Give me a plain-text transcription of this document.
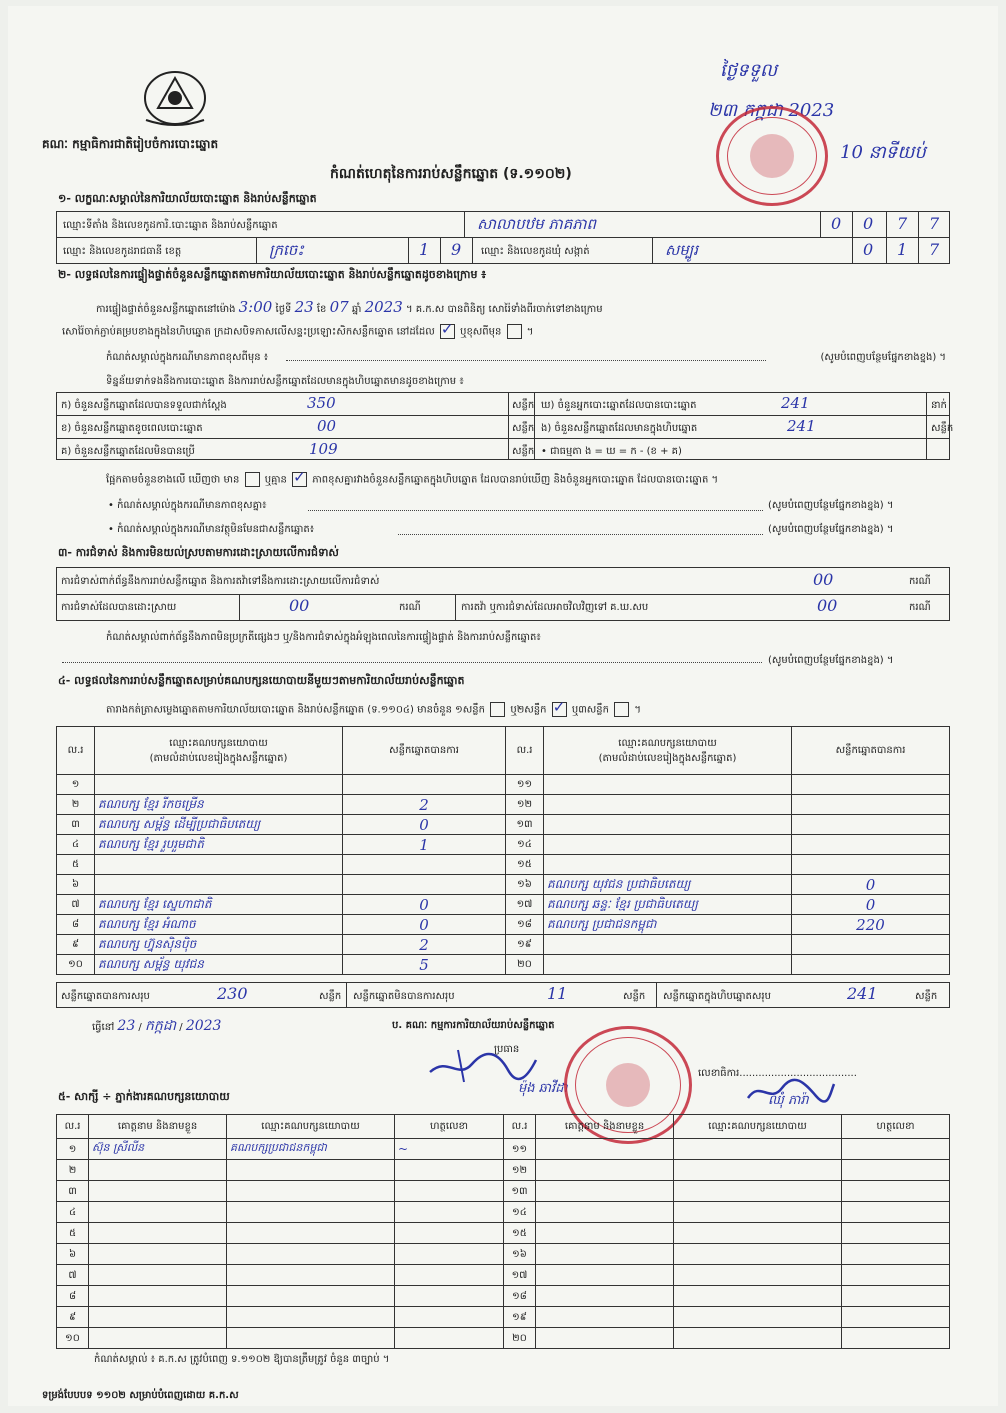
គណៈ កម្មាធិការជាតិរៀបចំការបោះឆ្នោត
កំណត់ហេតុនៃការរាប់សន្លឹកឆ្នោត (ទ.១១០២)
ថ្ងៃទទួល
២៣ កក្កដា 2023
10 នាទីយប់
១- លក្ខណៈសម្គាល់នៃការិយាល័យបោះឆ្នោត និងរាប់សន្លឹកឆ្នោត
ឈ្មោះទីតាំង និងលេខកូដការិ.បោះឆ្នោត និងរាប់សន្លឹកឆ្នោត	សាលាបឋម ភាគភាព	0 0 7 7
ឈ្មោះ និងលេខកូដរាជធានី ខេត្ត	ក្រចេះ	1 9 ឈ្មោះ និងលេខកូដឃុំ សង្កាត់	សម្បូរ	0 1 7
២- លទ្ធផលនៃការផ្ទៀងផ្ទាត់ចំនួនសន្លឹកឆ្នោតតាមការិយាល័យបោះឆ្នោត និងរាប់សន្លឹកឆ្នោតដូចខាងក្រោម ៖
ការផ្ទៀងផ្ទាត់ចំនួនសន្លឹកឆ្នោតនៅម៉ោង 3:00 ថ្ងៃទី 23 ខែ 07 ឆ្នាំ 2023 ។ គ.ក.ស បានពិនិត្យ សោរ៉ៃទាំងពីរចាក់ទៅខាងក្រោម
សោរ៉ៃចាក់ភ្ជាប់គម្របខាងក្នុងនៃហិបឆ្នោត ក្រដាសបិទភាសលើសន្ទះប្រឡោះសិកសន្លឹកឆ្នោត នៅដដែល ✓	ឬខុសពីមុន  ។
កំណត់សម្គាល់ក្នុងករណីមានភាពខុសពីមុន ៖	(សូមបំពេញបន្ថែមផ្នែកខាងខ្នង) ។
ទិន្នន័យទាក់ទងនឹងការបោះឆ្នោត និងការរាប់សន្លឹកឆ្នោតដែលមានក្នុងហិបឆ្នោតមានដូចខាងក្រោម ៖
ក) ចំនួនសន្លឹកឆ្នោតដែលបានទទួលជាក់ស្ដែង	350	សន្លឹក
ខ) ចំនួនសន្លឹកឆ្នោតខូចពេលបោះឆ្នោត	00	សន្លឹក
គ) ចំនួនសន្លឹកឆ្នោតដែលមិនបានប្រើ	109	សន្លឹក
ឃ) ចំនួនអ្នកបោះឆ្នោតដែលបានបោះឆ្នោត	241	នាក់
ង) ចំនួនសន្លឹកឆ្នោតដែលមានក្នុងហិបឆ្នោត	241	សន្លឹក
• ជាធម្មតា ង = ឃ = ក - (ខ + គ)
ផ្អែកតាមចំនួនខាងលើ ឃើញថា មាន	ឬគ្មាន ✓	ភាពខុសគ្នារវាងចំនួនសន្លឹកឆ្នោតក្នុងហិបឆ្នោត ដែលបានរាប់ឃើញ និងចំនួនអ្នកបោះឆ្នោត ដែលបានបោះឆ្នោត ។
• កំណត់សម្គាល់ក្នុងករណីមានភាពខុសគ្នា៖	(សូមបំពេញបន្ថែមផ្នែកខាងខ្នង) ។
• កំណត់សម្គាល់ក្នុងករណីមានវត្ថុមិនមែនជាសន្លឹកឆ្នោត៖	(សូមបំពេញបន្ថែមផ្នែកខាងខ្នង) ។
៣- ការជំទាស់ និងការមិនយល់ស្របតាមការដោះស្រាយលើការជំទាស់
ការជំទាស់ពាក់ព័ន្ធនឹងការរាប់សន្លឹកឆ្នោត និងការតវ៉ាទៅនឹងការដោះស្រាយលើការជំទាស់	00	ករណី
ការជំទាស់ដែលបានដោះស្រាយ	00	ករណី	ការតវ៉ា ឬការជំទាស់ដែលអាចវិលវិញទៅ គ.ឃ.សប	00	ករណី
កំណត់សម្គាល់ពាក់ព័ន្ធនឹងភាពមិនប្រក្រតីផ្សេងៗ ឬ/និងការជំទាស់ក្នុងអំឡុងពេលនៃការផ្ទៀងផ្ទាត់ និងការរាប់សន្លឹកឆ្នោត៖
(សូមបំពេញបន្ថែមផ្នែកខាងខ្នង) ។
៤- លទ្ធផលនៃការរាប់សន្លឹកឆ្នោតសម្រាប់គណបក្សនយោបាយនីមួយៗតាមការិយាល័យរាប់សន្លឹកឆ្នោត
តារាងកត់ត្រាសម្លេងឆ្នោតតាមការិយាល័យបោះឆ្នោត និងរាប់សន្លឹកឆ្នោត (ទ.១១០៤) មានចំនួន ១សន្លឹក	ឬ២សន្លឹក ✓	ឬ៣សន្លឹក  ។
ល.រ	ឈ្មោះគណបក្សនយោបាយ
(តាមលំដាប់លេខរៀងក្នុងសន្លឹកឆ្នោត)	សន្លឹកឆ្នោតបានការ
១		
២	គណបក្ស ខ្មែរ រីកចម្រើន	2
៣	គណបក្ស សម្ព័ន្ធ ដើម្បីប្រជាធិបតេយ្យ	0
៤	គណបក្ស ខ្មែរ រួបរួមជាតិ	1
៥		
៦		
៧	គណបក្ស ខ្មែរ ស្នេហាជាតិ	0
៨	គណបក្ស ខ្មែរ អំណាច	0
៩	គណបក្ស ហ្វ៊ុនស៊ិនប៉ិច	2
១០	គណបក្ស សម្ព័ន្ធ យុវជន	5
ល.រ	ឈ្មោះគណបក្សនយោបាយ
(តាមលំដាប់លេខរៀងក្នុងសន្លឹកឆ្នោត)	សន្លឹកឆ្នោតបានការ
១១		
១២		
១៣		
១៤		
១៥		
១៦	គណបក្ស យុវជន ប្រជាធិបតេយ្យ	0
១៧	គណបក្ស ឆន្ទៈ ខ្មែរ ប្រជាធិបតេយ្យ	0
១៨	គណបក្ស ប្រជាជនកម្ពុជា	220
១៩		
២០		
សន្លឹកឆ្នោតបានការសរុប	230	សន្លឹក សន្លឹកឆ្នោតមិនបានការសរុប	11	សន្លឹក សន្លឹកឆ្នោតក្នុងហិបឆ្នោតសរុប	241	សន្លឹក
ធ្វើនៅ 23 / កក្កដា / 2023	ប. គណៈ កម្មការការិយាល័យរាប់សន្លឹកឆ្នោត
ប្រធាន
ម៉ុង ឆាវីដា
លេខាធិការ.....................................
ឈុំ ភារ៉ា
៥- សាក្សី ÷ ភ្នាក់ងារគណបក្សនយោបាយ
ល.រ	គោត្តនាម និងនាមខ្លួន	ឈ្មោះគណបក្សនយោបាយ	ហត្ថលេខា
១	ស៊ុន ស្រីលីន	គណបក្សប្រជាជនកម្ពុជា	~
២			
៣			
៤			
៥			
៦			
៧			
៨			
៩			
១០			
ល.រ	គោត្តនាម និងនាមខ្លួន	ឈ្មោះគណបក្សនយោបាយ	ហត្ថលេខា
១១			
១២			
១៣			
១៤			
១៥			
១៦			
១៧			
១៨			
១៩			
២០			
កំណត់សម្គាល់ ៖ គ.ក.ស ត្រូវបំពេញ ទ.១១០២ ឱ្យបានត្រឹមត្រូវ ចំនួន ៣ច្បាប់ ។
ទម្រង់បែបបទ ១១០២ សម្រាប់បំពេញដោយ គ.ក.ស
